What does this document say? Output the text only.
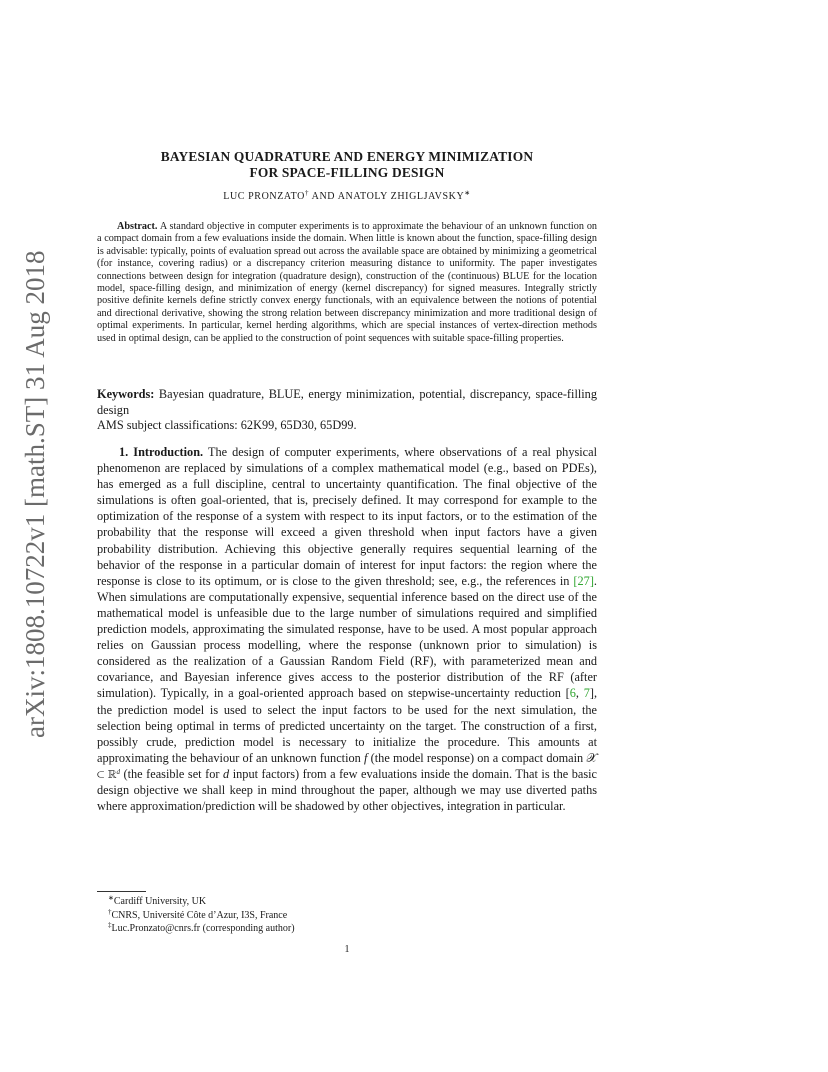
arXiv:1808.10722v1 [math.ST] 31 Aug 2018
BAYESIAN QUADRATURE AND ENERGY MINIMIZATION
FOR SPACE-FILLING DESIGN
LUC PRONZATO† AND ANATOLY ZHIGLJAVSKY∗
Abstract. A standard objective in computer experiments is to approximate the behaviour of an unknown function on a compact domain from a few evaluations inside the domain. When little is known about the function, space-filling design is advisable: typically, points of evaluation spread out across the available space are obtained by minimizing a geometrical (for instance, covering radius) or a discrepancy criterion measuring distance to uniformity. The paper investigates connections between design for integration (quadrature design), construction of the (continuous) BLUE for the location model, space-filling design, and minimization of energy (kernel discrepancy) for signed measures. Integrally strictly positive definite kernels define strictly convex energy functionals, with an equivalence between the notions of potential and directional derivative, showing the strong relation between discrepancy minimization and more traditional design of optimal experiments. In particular, kernel herding algorithms, which are special instances of vertex-direction methods used in optimal design, can be applied to the construction of point sequences with suitable space-filling properties.
Keywords: Bayesian quadrature, BLUE, energy minimization, potential, discrepancy, space-filling design
AMS subject classifications: 62K99, 65D30, 65D99.
1. Introduction. The design of computer experiments, where observations of a real physical phenomenon are replaced by simulations of a complex mathematical model (e.g., based on PDEs), has emerged as a full discipline, central to uncertainty quantification. The final objective of the simulations is often goal-oriented, that is, precisely defined. It may correspond for example to the optimization of the response of a system with respect to its input factors, or to the estimation of the probability that the response will exceed a given threshold when input factors have a given probability distribution. Achieving this objective generally requires sequential learning of the behavior of the response in a particular domain of interest for input factors: the region where the response is close to its optimum, or is close to the given threshold; see, e.g., the references in [27]. When simulations are computationally expensive, sequential inference based on the direct use of the mathematical model is unfeasible due to the large number of simulations required and simplified prediction models, approximating the simulated response, have to be used. A most popular approach relies on Gaussian process modelling, where the response (unknown prior to simulation) is considered as the realization of a Gaussian Random Field (RF), with parameterized mean and covariance, and Bayesian inference gives access to the posterior distribution of the RF (after simulation). Typically, in a goal-oriented approach based on stepwise-uncertainty reduction [6, 7], the prediction model is used to select the input factors to be used for the next simulation, the selection being optimal in terms of predicted uncertainty on the target. The construction of a first, possibly crude, prediction model is necessary to initialize the procedure. This amounts at approximating the behaviour of an unknown function f (the model response) on a compact domain 𝒳 ⊂ ℝ$^d$ (the feasible set for d input factors) from a few evaluations inside the domain. That is the basic design objective we shall keep in mind throughout the paper, although we may use diverted paths where approximation/prediction will be shadowed by other objectives, integration in particular.
∗Cardiff University, UK
†CNRS, Université Côte d’Azur, I3S, France
‡Luc.Pronzato@cnrs.fr (corresponding author)
1
